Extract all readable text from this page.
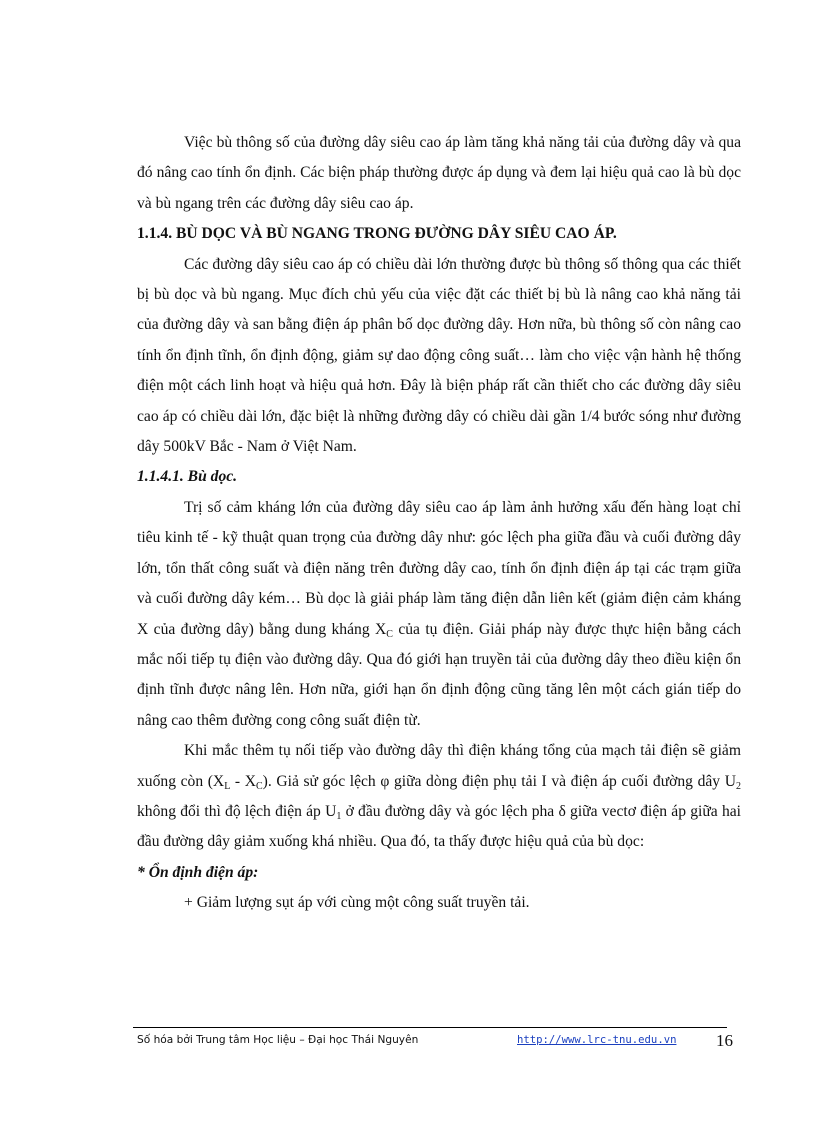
Việc bù thông số của đường dây siêu cao áp làm tăng khả năng tải của đường dây và qua đó nâng cao tính ổn định. Các biện pháp thường được áp dụng và đem lại hiệu quả cao là bù dọc và bù ngang trên các đường dây siêu cao áp.

1.1.4. BÙ DỌC VÀ BÙ NGANG TRONG ĐƯỜNG DÂY SIÊU CAO ÁP.

Các đường dây siêu cao áp có chiều dài lớn thường được bù thông số thông qua các thiết bị bù dọc và bù ngang. Mục đích chủ yếu của việc đặt các thiết bị bù là nâng cao khả năng tải của đường dây và san bằng điện áp phân bố dọc đường dây. Hơn nữa, bù thông số còn nâng cao tính ổn định tĩnh, ổn định động, giảm sự dao động công suất… làm cho việc vận hành hệ thống điện một cách linh hoạt và hiệu quả hơn. Đây là biện pháp rất cần thiết cho các đường dây siêu cao áp có chiều dài lớn, đặc biệt là những đường dây có chiều dài gần 1/4 bước sóng như đường dây 500kV Bắc - Nam ở Việt Nam.

1.1.4.1. Bù dọc.

Trị số cảm kháng lớn của đường dây siêu cao áp làm ảnh hưởng xấu đến hàng loạt chỉ tiêu kinh tế - kỹ thuật quan trọng của đường dây như: góc lệch pha giữa đầu và cuối đường dây lớn, tổn thất công suất và điện năng trên đường dây cao, tính ổn định điện áp tại các trạm giữa và cuối đường dây kém… Bù dọc là giải pháp làm tăng điện dẫn liên kết (giảm điện cảm kháng X của đường dây) bằng dung kháng $X_C$ của tụ điện. Giải pháp này được thực hiện bằng cách mắc nối tiếp tụ điện vào đường dây. Qua đó giới hạn truyền tải của đường dây theo điều kiện ổn định tĩnh được nâng lên. Hơn nữa, giới hạn ổn định động cũng tăng lên một cách gián tiếp do nâng cao thêm đường cong công suất điện từ.

Khi mắc thêm tụ nối tiếp vào đường dây thì điện kháng tổng của mạch tải điện sẽ giảm xuống còn $(X_L - X_C)$. Giả sử góc lệch φ giữa dòng điện phụ tải I và điện áp cuối đường dây $U_2$ không đổi thì độ lệch điện áp $U_1$ ở đầu đường dây và góc lệch pha δ giữa vectơ điện áp giữa hai đầu đường dây giảm xuống khá nhiều. Qua đó, ta thấy được hiệu quả của bù dọc:

* Ổn định điện áp:

+ Giảm lượng sụt áp với cùng một công suất truyền tải.

Số hóa bởi Trung tâm Học liệu – Đại học Thái Nguyên	http://www.lrc-tnu.edu.vn 16
